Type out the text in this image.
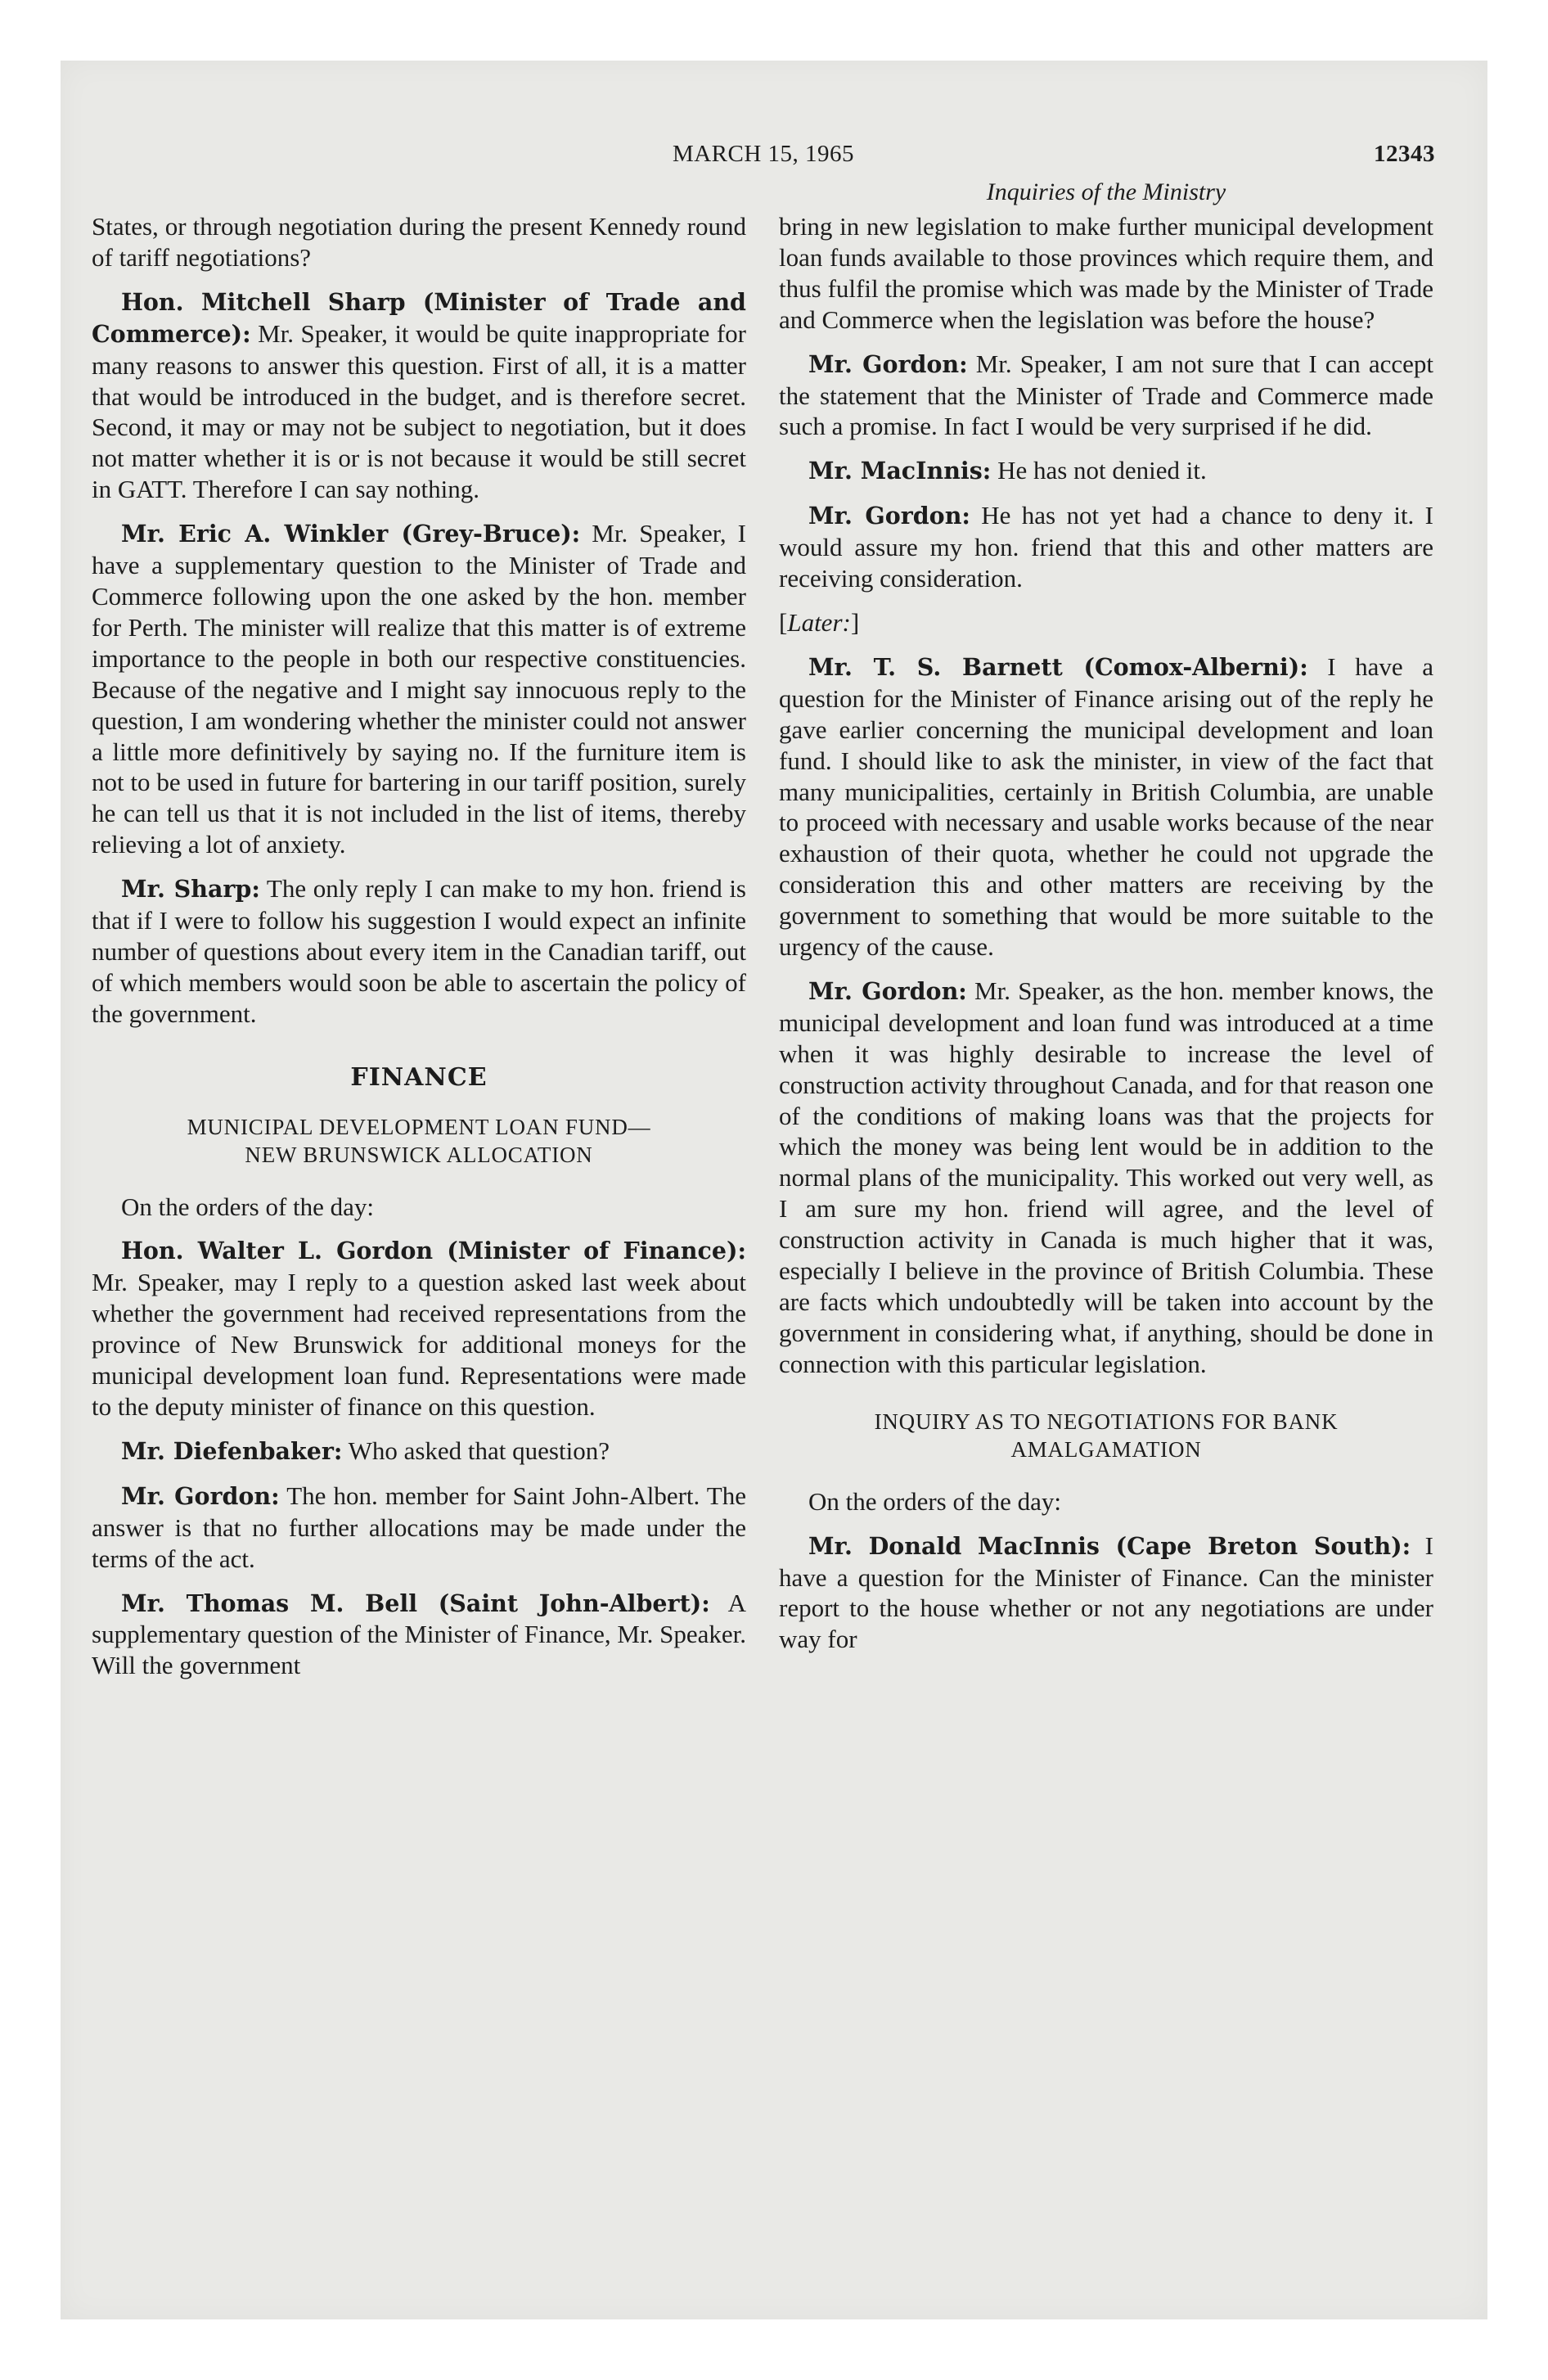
MARCH 15, 1965	12343
Inquiries of the Ministry

States, or through negotiation during the present Kennedy round of tariff negotiations?

Hon. Mitchell Sharp (Minister of Trade and Commerce): Mr. Speaker, it would be quite inappropriate for many reasons to answer this question. First of all, it is a matter that would be introduced in the budget, and is therefore secret. Second, it may or may not be subject to negotiation, but it does not matter whether it is or is not because it would be still secret in GATT. Therefore I can say nothing.

Mr. Eric A. Winkler (Grey-Bruce): Mr. Speaker, I have a supplementary question to the Minister of Trade and Commerce following upon the one asked by the hon. member for Perth. The minister will realize that this matter is of extreme importance to the people in both our respective constituencies. Because of the negative and I might say innocuous reply to the question, I am wondering whether the minister could not answer a little more definitively by saying no. If the furniture item is not to be used in future for bartering in our tariff position, surely he can tell us that it is not included in the list of items, thereby relieving a lot of anxiety.

Mr. Sharp: The only reply I can make to my hon. friend is that if I were to follow his suggestion I would expect an infinite number of questions about every item in the Canadian tariff, out of which members would soon be able to ascertain the policy of the government.

FINANCE
MUNICIPAL DEVELOPMENT LOAN FUND—
NEW BRUNSWICK ALLOCATION

On the orders of the day:

Hon. Walter L. Gordon (Minister of Finance): Mr. Speaker, may I reply to a question asked last week about whether the government had received representations from the province of New Brunswick for additional moneys for the municipal development loan fund. Representations were made to the deputy minister of finance on this question.

Mr. Diefenbaker: Who asked that question?

Mr. Gordon: The hon. member for Saint John-Albert. The answer is that no further allocations may be made under the terms of the act.

Mr. Thomas M. Bell (Saint John-Albert): A supplementary question of the Minister of Finance, Mr. Speaker. Will the government

bring in new legislation to make further municipal development loan funds available to those provinces which require them, and thus fulfil the promise which was made by the Minister of Trade and Commerce when the legislation was before the house?

Mr. Gordon: Mr. Speaker, I am not sure that I can accept the statement that the Minister of Trade and Commerce made such a promise. In fact I would be very surprised if he did.

Mr. MacInnis: He has not denied it.

Mr. Gordon: He has not yet had a chance to deny it. I would assure my hon. friend that this and other matters are receiving consideration.

[Later:]

Mr. T. S. Barnett (Comox-Alberni): I have a question for the Minister of Finance arising out of the reply he gave earlier concerning the municipal development and loan fund. I should like to ask the minister, in view of the fact that many municipalities, certainly in British Columbia, are unable to proceed with necessary and usable works because of the near exhaustion of their quota, whether he could not upgrade the consideration this and other matters are receiving by the government to something that would be more suitable to the urgency of the cause.

Mr. Gordon: Mr. Speaker, as the hon. member knows, the municipal development and loan fund was introduced at a time when it was highly desirable to increase the level of construction activity throughout Canada, and for that reason one of the conditions of making loans was that the projects for which the money was being lent would be in addition to the normal plans of the municipality. This worked out very well, as I am sure my hon. friend will agree, and the level of construction activity in Canada is much higher that it was, especially I believe in the province of British Columbia. These are facts which undoubtedly will be taken into account by the government in considering what, if anything, should be done in connection with this particular legislation.

INQUIRY AS TO NEGOTIATIONS FOR BANK
AMALGAMATION

On the orders of the day:

Mr. Donald MacInnis (Cape Breton South): I have a question for the Minister of Finance. Can the minister report to the house whether or not any negotiations are under way for
